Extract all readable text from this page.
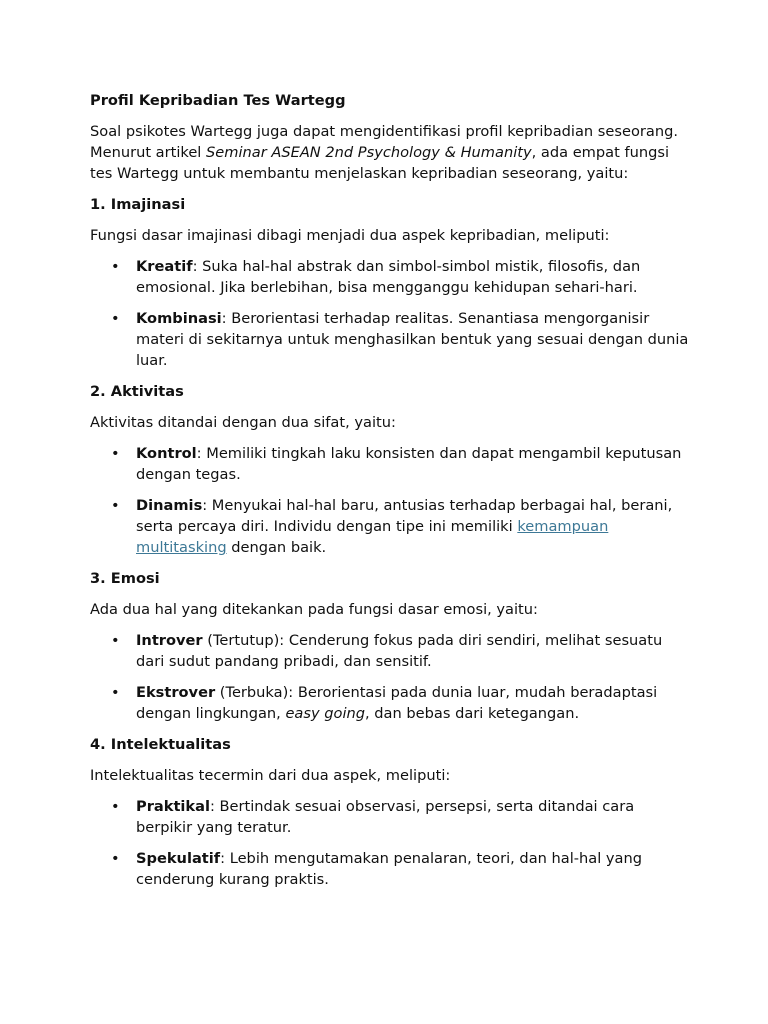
Profil Kepribadian Tes Wartegg

Soal psikotes Wartegg juga dapat mengidentifikasi profil kepribadian seseorang. Menurut artikel Seminar ASEAN 2nd Psychology & Humanity, ada empat fungsi tes Wartegg untuk membantu menjelaskan kepribadian seseorang, yaitu:

1. Imajinasi

Fungsi dasar imajinasi dibagi menjadi dua aspek kepribadian, meliputi:

• Kreatif: Suka hal-hal abstrak dan simbol-simbol mistik, filosofis, dan emosional. Jika berlebihan, bisa mengganggu kehidupan sehari-hari.
• Kombinasi: Berorientasi terhadap realitas. Senantiasa mengorganisir materi di sekitarnya untuk menghasilkan bentuk yang sesuai dengan dunia luar.
2. Aktivitas

Aktivitas ditandai dengan dua sifat, yaitu:

• Kontrol: Memiliki tingkah laku konsisten dan dapat mengambil keputusan dengan tegas.
• Dinamis: Menyukai hal-hal baru, antusias terhadap berbagai hal, berani, serta percaya diri. Individu dengan tipe ini memiliki kemampuan multitasking dengan baik.
3. Emosi

Ada dua hal yang ditekankan pada fungsi dasar emosi, yaitu:

• Introver (Tertutup): Cenderung fokus pada diri sendiri, melihat sesuatu dari sudut pandang pribadi, dan sensitif.
• Ekstrover (Terbuka): Berorientasi pada dunia luar, mudah beradaptasi dengan lingkungan, easy going, dan bebas dari ketegangan.
4. Intelektualitas

Intelektualitas tecermin dari dua aspek, meliputi:

• Praktikal: Bertindak sesuai observasi, persepsi, serta ditandai cara berpikir yang teratur.
• Spekulatif: Lebih mengutamakan penalaran, teori, dan hal-hal yang cenderung kurang praktis.
